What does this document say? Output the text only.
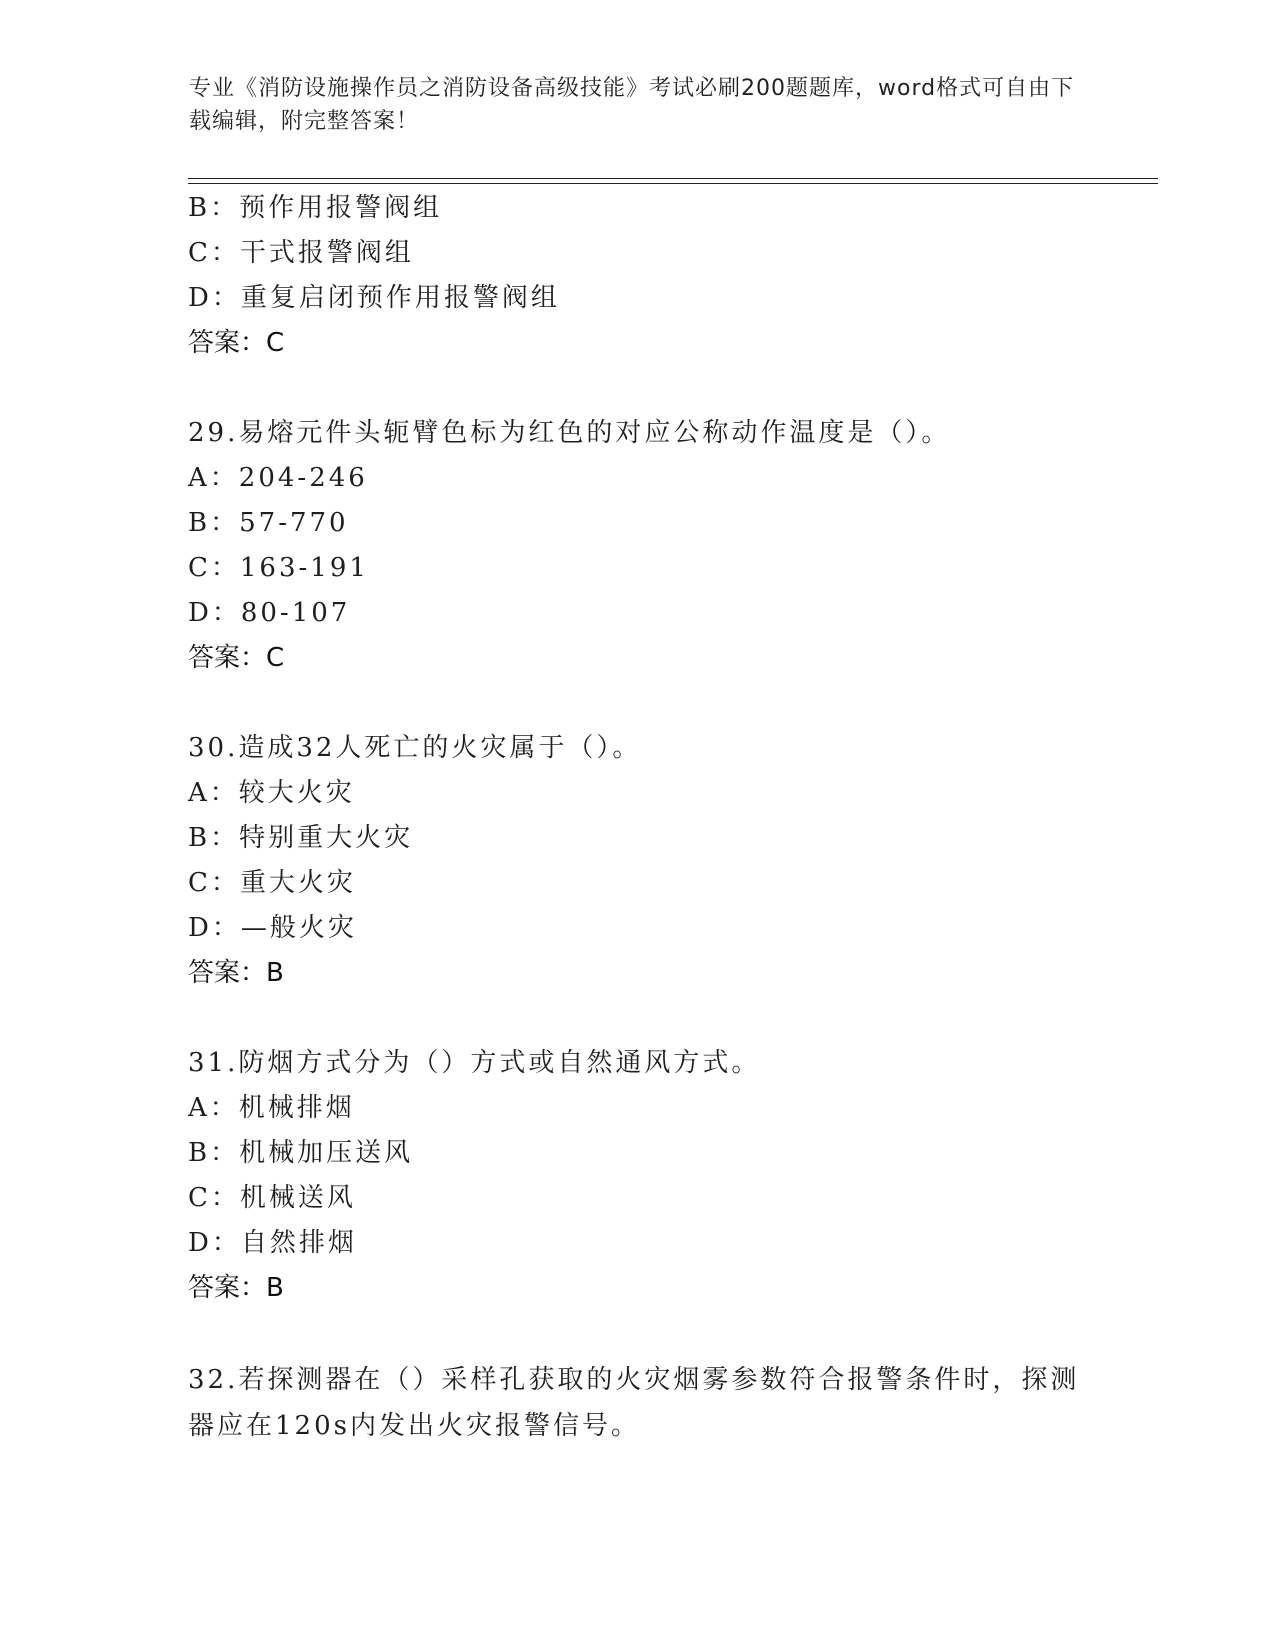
专业《消防设施操作员之消防设备高级技能》考试必刷200题题库，word格式可自由下载编辑，附完整答案！
B：预作用报警阀组
C：干式报警阀组
D：重复启闭预作用报警阀组
答案：C
29.易熔元件头轭臂色标为红色的对应公称动作温度是（）。
A：204-246
B：57-770
C：163-191
D：80-107
答案：C
30.造成32人死亡的火灾属于（）。
A：较大火灾
B：特别重大火灾
C：重大火灾
D：—般火灾
答案：B
31.防烟方式分为（）方式或自然通风方式。
A：机械排烟
B：机械加压送风
C：机械送风
D：自然排烟
答案：B
32.若探测器在（）采样孔获取的火灾烟雾参数符合报警条件时，探测器应在120s内发出火灾报警信号。
